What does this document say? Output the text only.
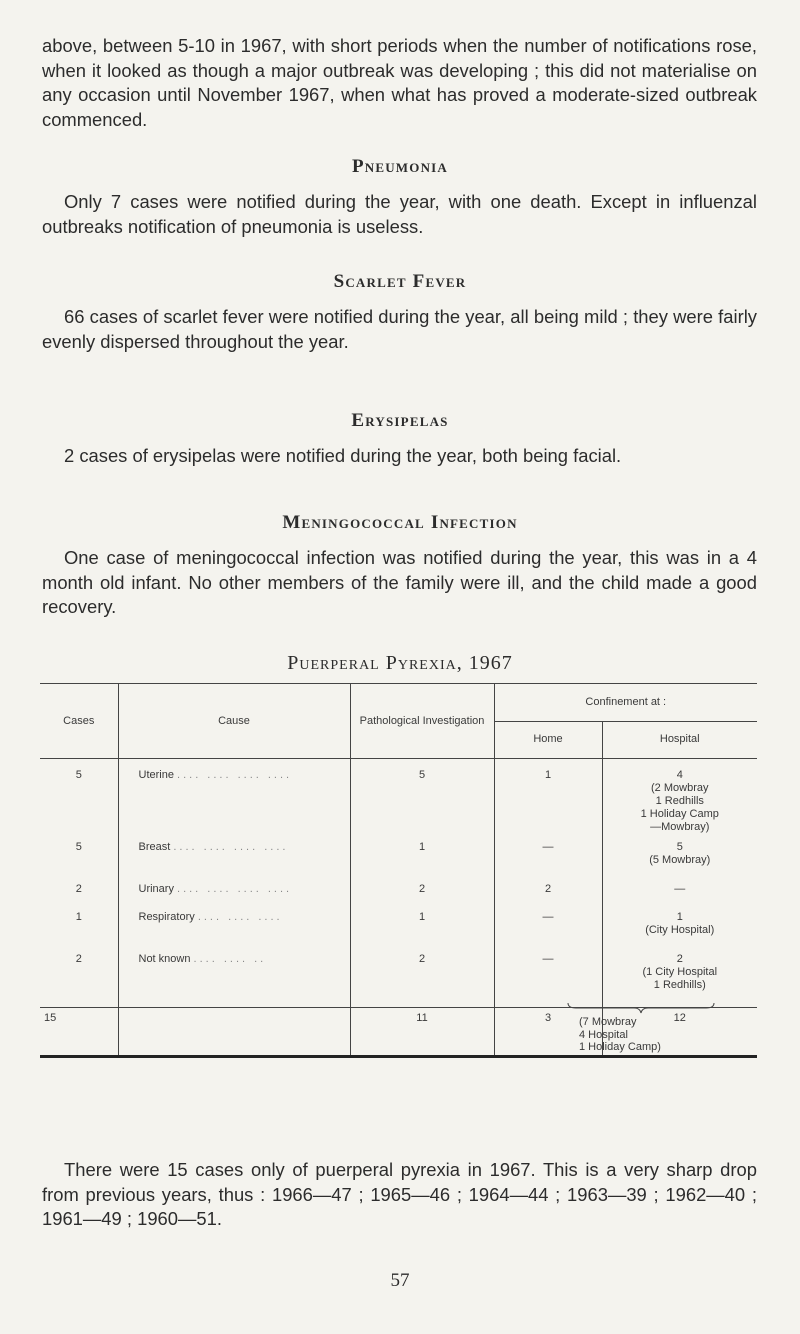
above, between 5-10 in 1967, with short periods when the number of notifications rose, when it looked as though a major outbreak was developing ; this did not materialise on any occasion until November 1967, when what has proved a moderate-sized outbreak commenced.

Pneumonia

Only 7 cases were notified during the year, with one death. Except in influenzal outbreaks notification of pneumonia is useless.

Scarlet Fever

66 cases of scarlet fever were notified during the year, all being mild ; they were fairly evenly dispersed throughout the year.

Erysipelas

2 cases of erysipelas were notified during the year, both being facial.

Meningococcal Infection

One case of meningococcal infection was notified during the year, this was in a 4 month old infant. No other members of the family were ill, and the child made a good recovery.

Puerperal Pyrexia, 1967
Cases	Cause	Pathological Investigation	Confinement at :	
			Home	Hospital
5	Uterine .... .... .... ....	5	1	4
(2 Mowbray
1 Redhills
1 Holiday Camp
—Mowbray)

5	Breast .... .... .... ....	1	—	5
(5 Mowbray)

2	Urinary .... .... .... ....	2	2	—

1	Respiratory .... .... ....	1	—	1
(City Hospital)

2	Not known .... .... ..	2	—	2
(1 City Hospital
1 Redhills)

15		11	3	12
(7 Mowbray
4 Hospital
1 Holiday Camp)

There were 15 cases only of puerperal pyrexia in 1967. This is a very sharp drop from previous years, thus : 1966—47 ; 1965—46 ; 1964—44 ; 1963—39 ; 1962—40 ; 1961—49 ; 1960—51.

57
